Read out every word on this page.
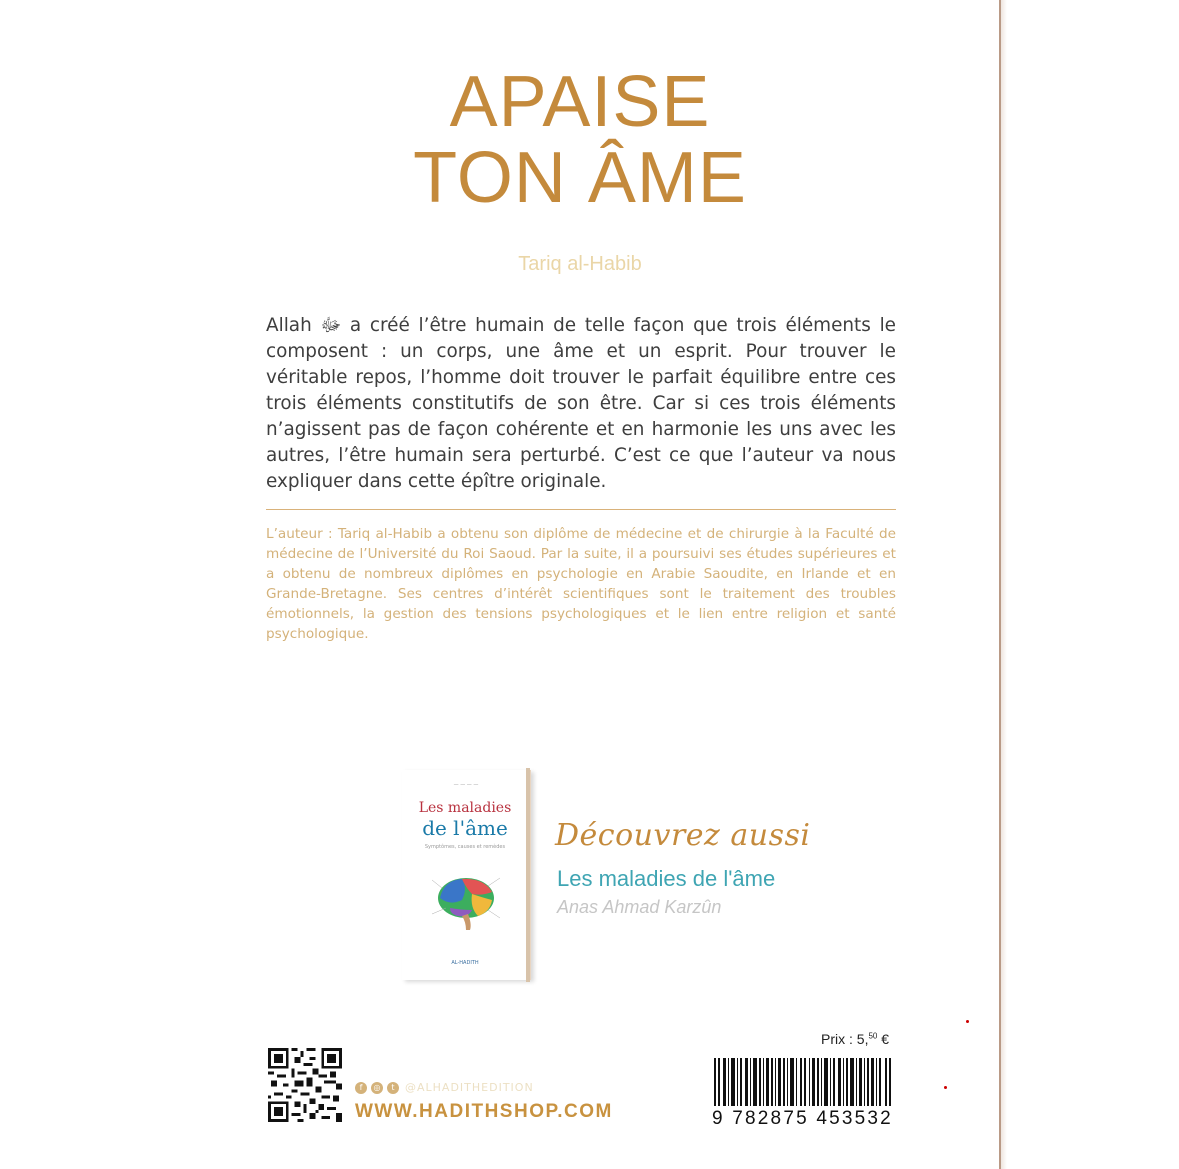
APAISE
TON ÂME
Tariq al-Habib
Allah ﷻ a créé l’être humain de telle façon que trois éléments le composent : un corps, une âme et un esprit. Pour trouver le véritable repos, l’homme doit trouver le parfait équilibre entre ces trois éléments constitutifs de son être. Car si ces trois éléments n’agissent pas de façon cohérente et en harmonie les uns avec les autres, l’être humain sera perturbé. C’est ce que l’auteur va nous expliquer dans cette épître originale.
L’auteur : Tariq al-Habib a obtenu son diplôme de médecine et de chirurgie à la Faculté de médecine de l’Université du Roi Saoud. Par la suite, il a poursuivi ses études supérieures et a obtenu de nombreux diplômes en psychologie en Arabie Saoudite, en Irlande et en Grande-Bretagne. Ses centres d’intérêt scientifiques sont le traitement des troubles émotionnels, la gestion des tensions psychologiques et le lien entre religion et santé psychologique.
— — — —
Les maladies
de l'âme
Symptômes, causes et remèdes
AL-HADITH
Découvrez aussi
Les maladies de l'âme
Anas Ahmad Karzûn
f	◎	t @ALHADITHEDITION
WWW.HADITHSHOP.COM
Prix : 5,50 €
9 782875 453532
